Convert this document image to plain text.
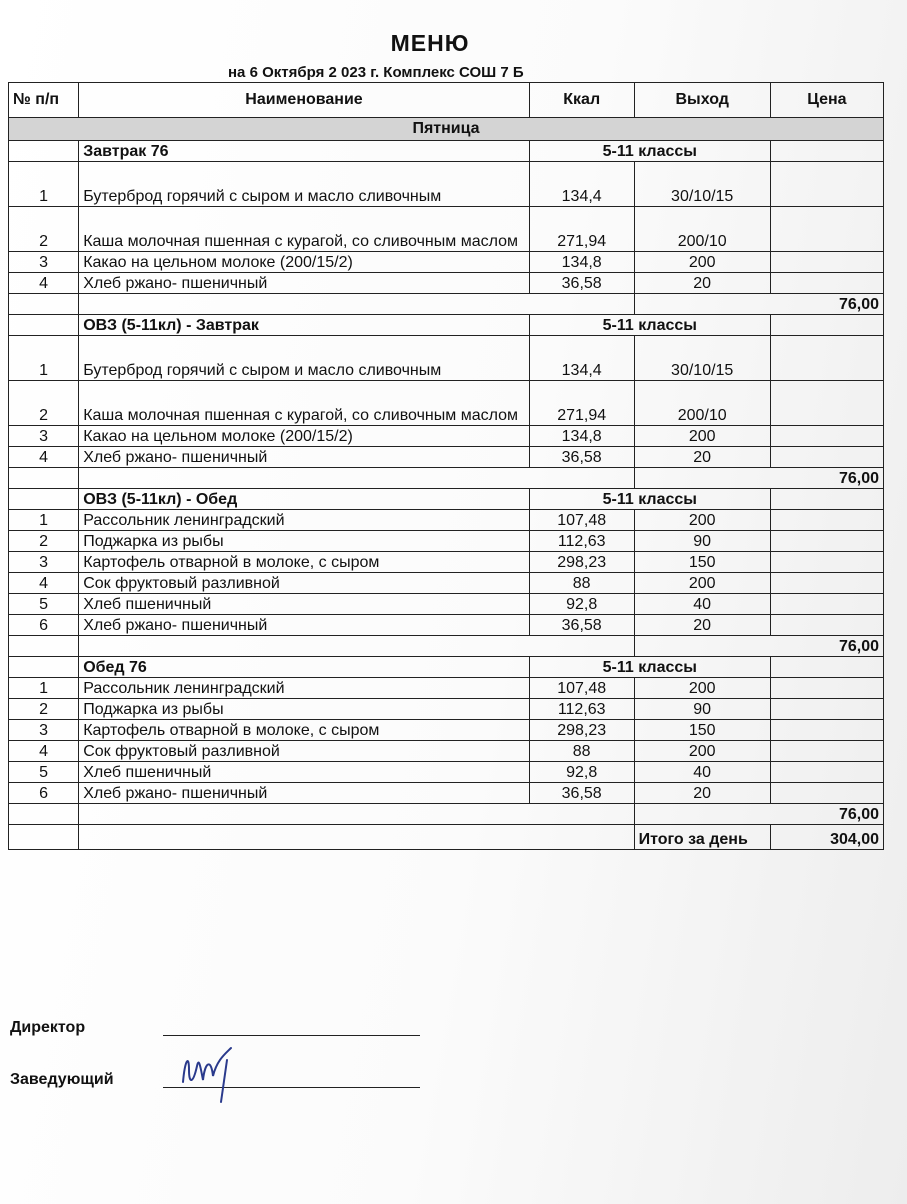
МЕНЮ
на 6 Октября 2 023 г. Комплекс СОШ 7 Б
№ п/п	Наименование	Ккал	Выход	Цена
Пятница				
	Завтрак 76	5-11 классы		
1	Бутерброд горячий с сыром и масло сливочным	134,4	30/10/15	
2	Каша молочная пшенная с курагой, со сливочным маслом	271,94	200/10	
3	Какао на цельном молоке (200/15/2)	134,8	200	
4	Хлеб ржано- пшеничный	36,58	20	
			76,00	
	ОВЗ (5-11кл) - Завтрак	5-11 классы		
1	Бутерброд горячий с сыром и масло сливочным	134,4	30/10/15	
2	Каша молочная пшенная с курагой, со сливочным маслом	271,94	200/10	
3	Какао на цельном молоке (200/15/2)	134,8	200	
4	Хлеб ржано- пшеничный	36,58	20	
			76,00	
	ОВЗ (5-11кл) - Обед	5-11 классы		
1	Рассольник ленинградский	107,48	200	
2	Поджарка из рыбы	112,63	90	
3	Картофель отварной в молоке, с сыром	298,23	150	
4	Сок фруктовый разливной	88	200	
5	Хлеб пшеничный	92,8	40	
6	Хлеб ржано- пшеничный	36,58	20	
			76,00	
	Обед 76	5-11 классы		
1	Рассольник ленинградский	107,48	200	
2	Поджарка из рыбы	112,63	90	
3	Картофель отварной в молоке, с сыром	298,23	150	
4	Сок фруктовый разливной	88	200	
5	Хлеб пшеничный	92,8	40	
6	Хлеб ржано- пшеничный	36,58	20	
			76,00	
			Итого за день	304,00
Директор
Заведующий
